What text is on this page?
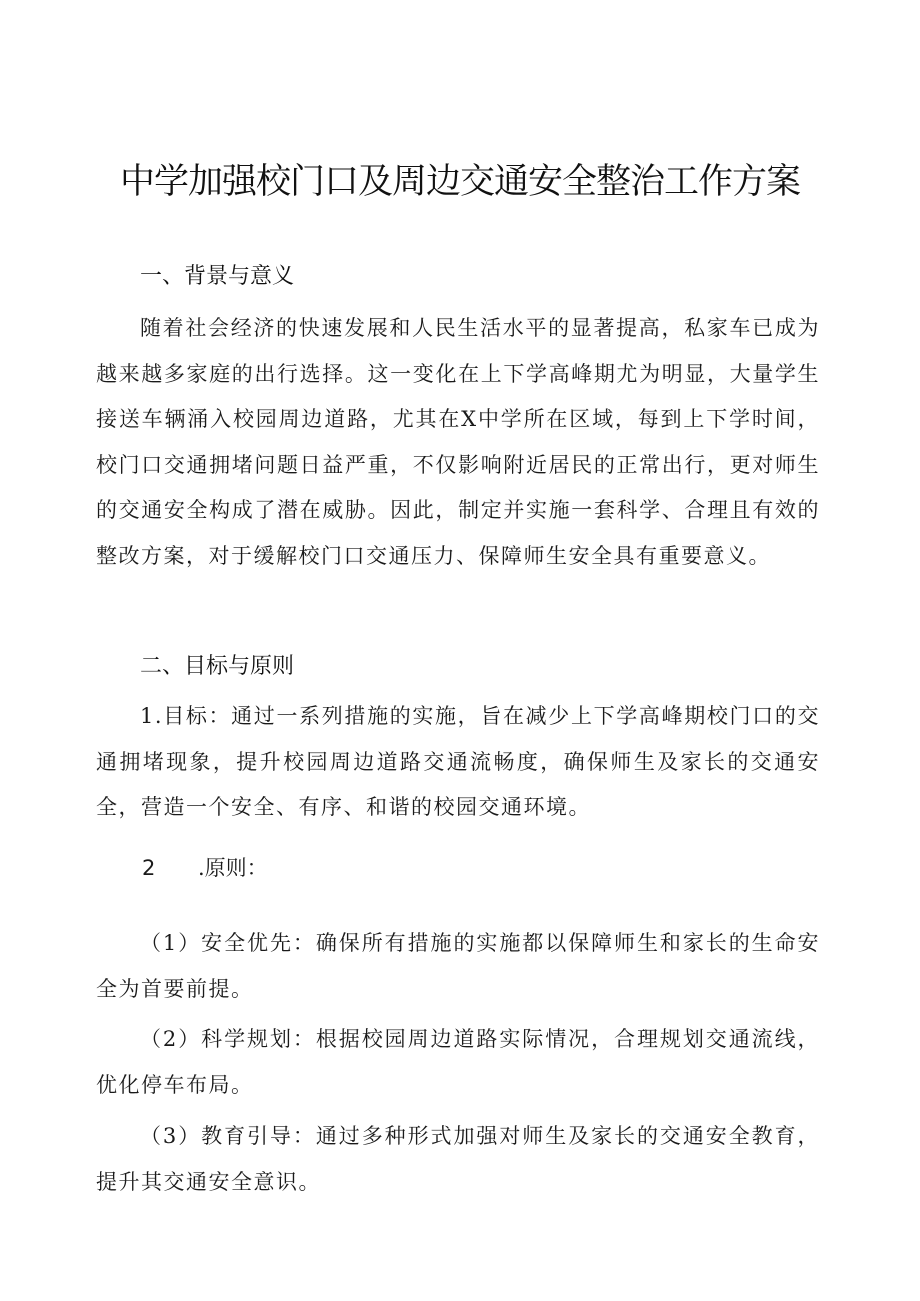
中学加强校门口及周边交通安全整治工作方案
一、背景与意义

随着社会经济的快速发展和人民生活水平的显著提高，私家车已成为越来越多家庭的出行选择。这一变化在上下学高峰期尤为明显，大量学生接送车辆涌入校园周边道路，尤其在X中学所在区域，每到上下学时间，校门口交通拥堵问题日益严重，不仅影响附近居民的正常出行，更对师生的交通安全构成了潜在威胁。因此，制定并实施一套科学、合理且有效的整改方案，对于缓解校门口交通压力、保障师生安全具有重要意义。

二、目标与原则

1.目标：通过一系列措施的实施，旨在减少上下学高峰期校门口的交通拥堵现象，提升校园周边道路交通流畅度，确保师生及家长的交通安全，营造一个安全、有序、和谐的校园交通环境。

2 .原则：

（1）安全优先：确保所有措施的实施都以保障师生和家长的生命安全为首要前提。

（2）科学规划：根据校园周边道路实际情况，合理规划交通流线，优化停车布局。

（3）教育引导：通过多种形式加强对师生及家长的交通安全教育，提升其交通安全意识。
